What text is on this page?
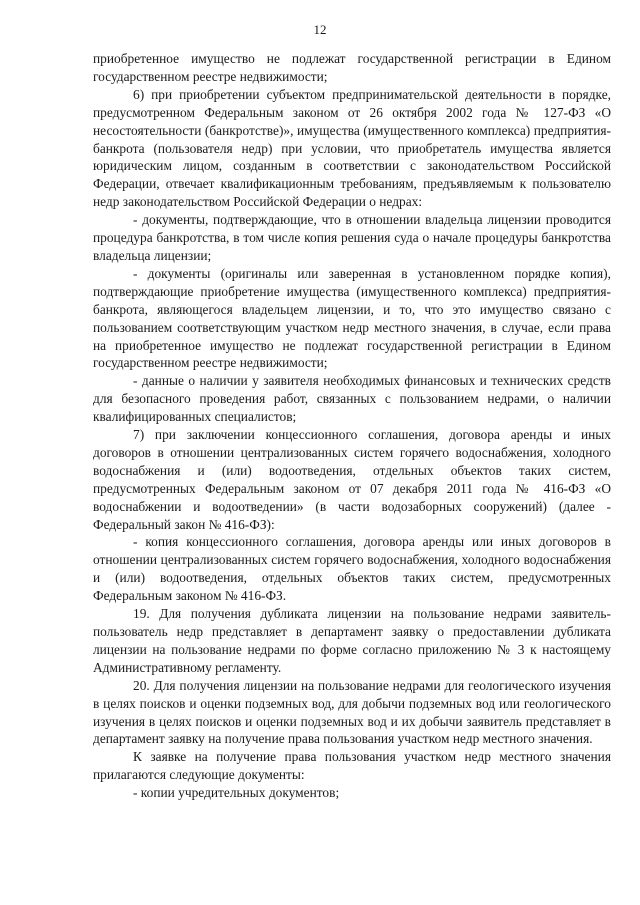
12

приобретенное имущество не подлежат государственной регистрации в Едином государственном реестре недвижимости;

6) при приобретении субъектом предпринимательской деятельности в порядке, предусмотренном Федеральным законом от 26 октября 2002 года № 127-ФЗ «О несостоятельности (банкротстве)», имущества (имущественного комплекса) предприятия-банкрота (пользователя недр) при условии, что приобретатель имущества является юридическим лицом, созданным в соответствии с законодательством Российской Федерации, отвечает квалификационным требованиям, предъявляемым к пользователю недр законодательством Российской Федерации о недрах:

- документы, подтверждающие, что в отношении владельца лицензии проводится процедура банкротства, в том числе копия решения суда о начале процедуры банкротства владельца лицензии;

- документы (оригиналы или заверенная в установленном порядке копия), подтверждающие приобретение имущества (имущественного комплекса) предприятия-банкрота, являющегося владельцем лицензии, и то, что это имущество связано с пользованием соответствующим участком недр местного значения, в случае, если права на приобретенное имущество не подлежат государственной регистрации в Едином государственном реестре недвижимости;

- данные о наличии у заявителя необходимых финансовых и технических средств для безопасного проведения работ, связанных с пользованием недрами, о наличии квалифицированных специалистов;

7) при заключении концессионного соглашения, договора аренды и иных договоров в отношении централизованных систем горячего водоснабжения, холодного водоснабжения и (или) водоотведения, отдельных объектов таких систем, предусмотренных Федеральным законом от 07 декабря 2011 года № 416-ФЗ «О водоснабжении и водоотведении» (в части водозаборных сооружений) (далее - Федеральный закон № 416-ФЗ):

- копия концессионного соглашения, договора аренды или иных договоров в отношении централизованных систем горячего водоснабжения, холодного водоснабжения и (или) водоотведения, отдельных объектов таких систем, предусмотренных Федеральным законом № 416-ФЗ.

19. Для получения дубликата лицензии на пользование недрами заявитель- пользователь недр представляет в департамент заявку о предоставлении дубликата лицензии на пользование недрами по форме согласно приложению № 3 к настоящему Административному регламенту.

20. Для получения лицензии на пользование недрами для геологического изучения в целях поисков и оценки подземных вод, для добычи подземных вод или геологического изучения в целях поисков и оценки подземных вод и их добычи заявитель представляет в департамент заявку на получение права пользования участком недр местного значения.

К заявке на получение права пользования участком недр местного значения прилагаются следующие документы:

- копии учредительных документов;
